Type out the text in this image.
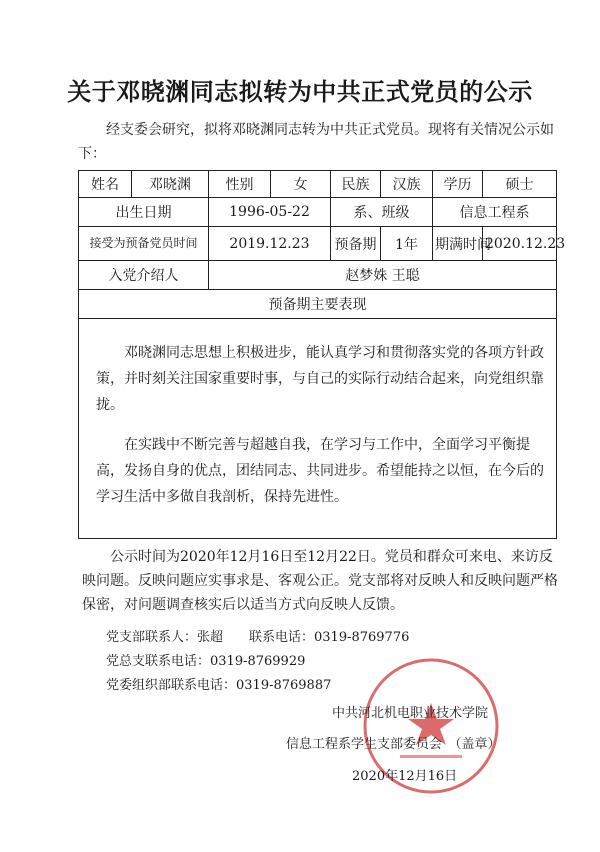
关于邓晓渊同志拟转为中共正式党员的公示
经支委会研究，拟将邓晓渊同志转为中共正式党员。现将有关情况公示如下：
姓名	邓晓渊	性别	女	民族	汉族	学历	硕士
出生日期		1996-05-22		系、班级		信息工程系	
接受为预备党员时间		2019.12.23		预备期	1年	期满时间	2020.12.23
入党介绍人		赵梦姝 王聪					
预备期主要表现							

邓晓渊同志思想上积极进步，能认真学习和贯彻落实党的各项方针政策，并时刻关注国家重要时事，与自己的实际行动结合起来，向党组织靠拢。

在实践中不断完善与超越自我，在学习与工作中，全面学习平衡提高，发扬自身的优点，团结同志、共同进步。希望能持之以恒，在今后的学习生活中多做自我剖析，保持先进性。

公示时间为2020年12月16日至12月22日。党员和群众可来电、来访反映问题。反映问题应实事求是、客观公正。党支部将对反映人和反映问题严格保密，对问题调查核实后以适当方式向反映人反馈。

党支部联系人：张超　　联系电话：0319-8769776
党总支联系电话：0319-8769929
党委组织部联系电话：0319-8769887
中共河北机电职业技术学院
信息工程系学生支部委员会　（盖章）
2020年12月16日
